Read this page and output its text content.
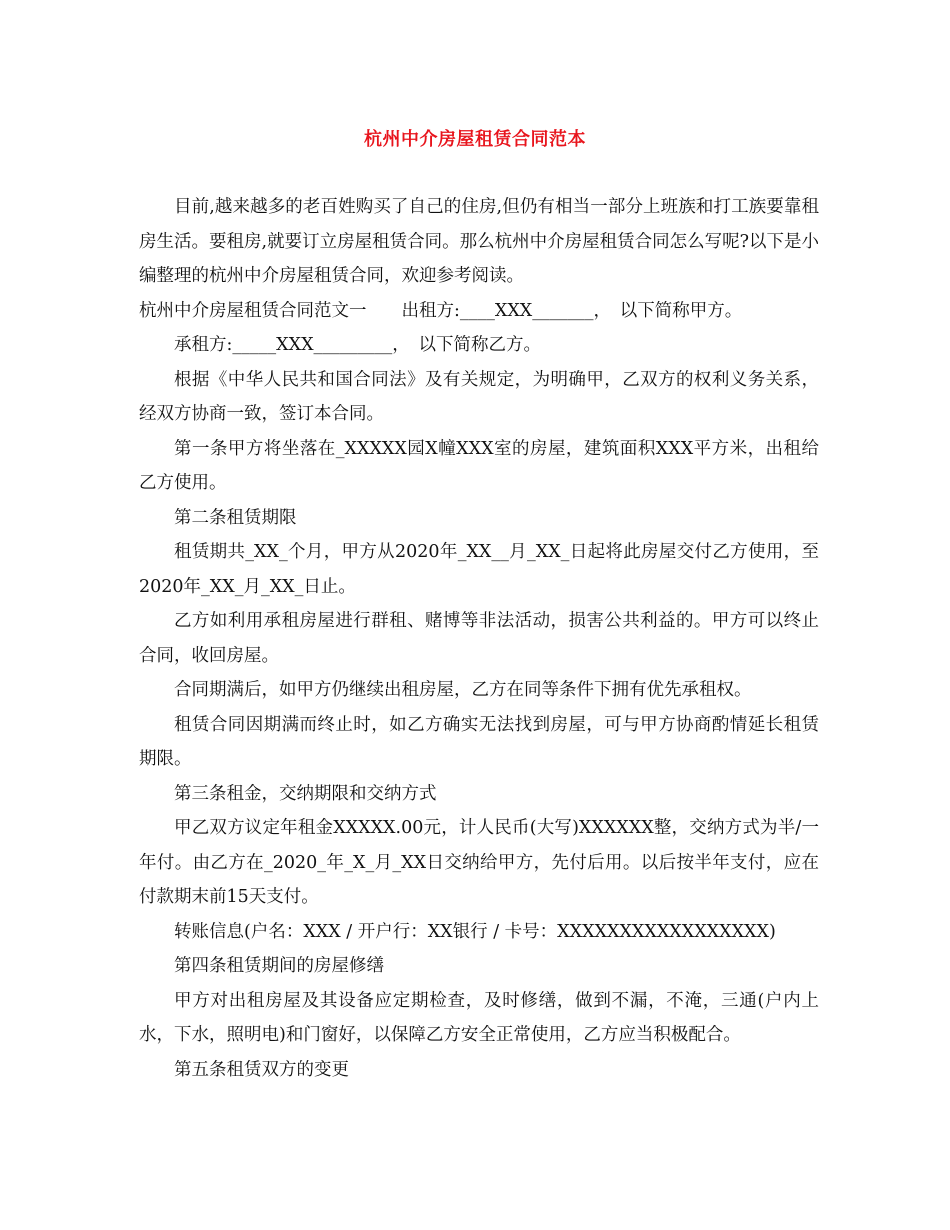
杭州中介房屋租赁合同范本

目前,越来越多的老百姓购买了自己的住房,但仍有相当一部分上班族和打工族要靠租房生活。要租房,就要订立房屋租赁合同。那么杭州中介房屋租赁合同怎么写呢?以下是小编整理的杭州中介房屋租赁合同，欢迎参考阅读。

杭州中介房屋租赁合同范文一　　出租方:____XXX_______，　以下简称甲方。

承租方:_____XXX_________，　以下简称乙方。

根据《中华人民共和国合同法》及有关规定，为明确甲，乙双方的权利义务关系，经双方协商一致，签订本合同。

第一条甲方将坐落在_XXXXX园X幢XXX室的房屋，建筑面积XXX平方米，出租给乙方使用。

第二条租赁期限

租赁期共_XX_个月，甲方从2020年_XX__月_XX_日起将此房屋交付乙方使用，至2020年_XX_月_XX_日止。

乙方如利用承租房屋进行群租、赌博等非法活动，损害公共利益的。甲方可以终止合同，收回房屋。

合同期满后，如甲方仍继续出租房屋，乙方在同等条件下拥有优先承租权。

租赁合同因期满而终止时，如乙方确实无法找到房屋，可与甲方协商酌情延长租赁期限。

第三条租金，交纳期限和交纳方式

甲乙双方议定年租金XXXXX.00元，计人民币(大写)XXXXXX整，交纳方式为半/一年付。由乙方在_2020_年_X_月_XX日交纳给甲方，先付后用。以后按半年支付，应在付款期末前15天支付。

转账信息(户名：XXX / 开户行：XX银行 / 卡号：XXXXXXXXXXXXXXXXX)

第四条租赁期间的房屋修缮

甲方对出租房屋及其设备应定期检查，及时修缮，做到不漏，不淹，三通(户内上水，下水，照明电)和门窗好，以保障乙方安全正常使用，乙方应当积极配合。

第五条租赁双方的变更
